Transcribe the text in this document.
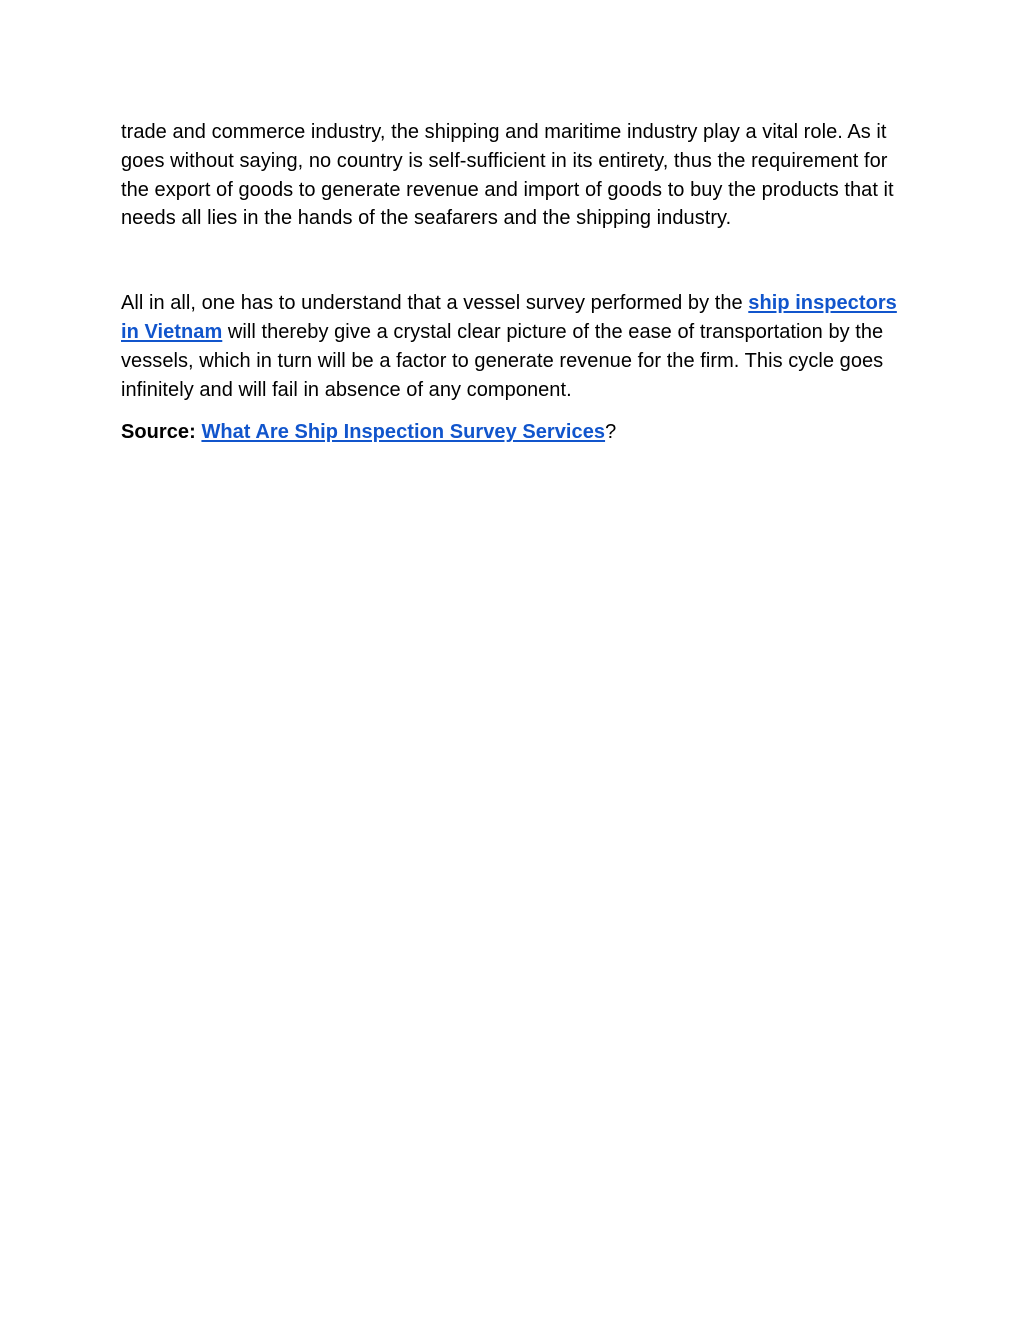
trade and commerce industry, the shipping and maritime industry play a vital role. As it goes without saying, no country is self-sufficient in its entirety, thus the requirement for the export of goods to generate revenue and import of goods to buy the products that it needs all lies in the hands of the seafarers and the shipping industry.

All in all, one has to understand that a vessel survey performed by the ship inspectors in Vietnam will thereby give a crystal clear picture of the ease of transportation by the vessels, which in turn will be a factor to generate revenue for the firm. This cycle goes infinitely and will fail in absence of any component.

Source: What Are Ship Inspection Survey Services?
